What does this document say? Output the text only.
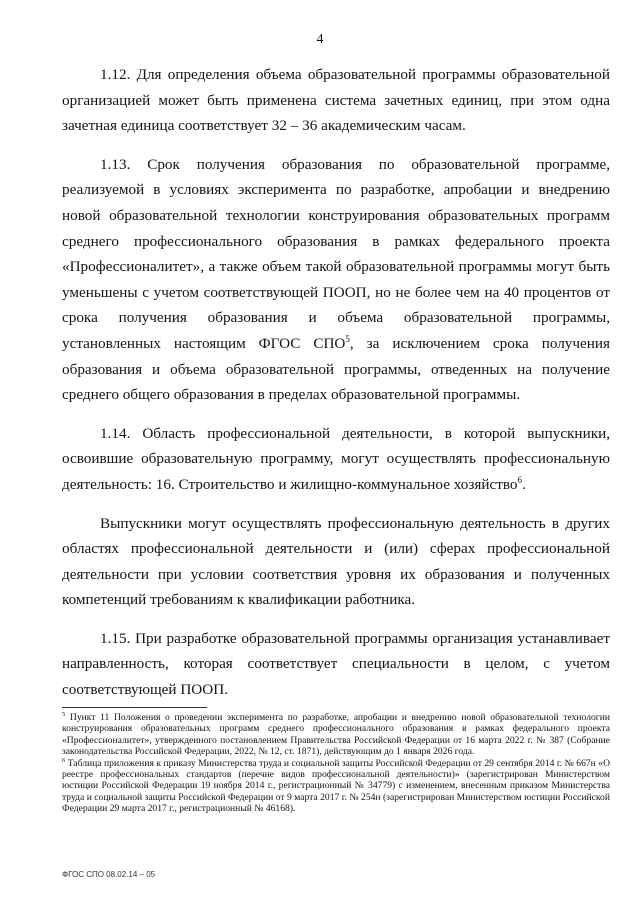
4

1.12. Для определения объема образовательной программы образовательной организацией может быть применена система зачетных единиц, при этом одна зачетная единица соответствует 32 – 36 академическим часам.

1.13. Срок получения образования по образовательной программе, реализуемой в условиях эксперимента по разработке, апробации и внедрению новой образовательной технологии конструирования образовательных программ среднего профессионального образования в рамках федерального проекта «Профессионалитет», а также объем такой образовательной программы могут быть уменьшены с учетом соответствующей ПООП, но не более чем на 40 процентов от срока получения образования и объема образовательной программы, установленных настоящим ФГОС СПО$^5$, за исключением срока получения образования и объема образовательной программы, отведенных на получение среднего общего образования в пределах образовательной программы.

1.14. Область профессиональной деятельности, в которой выпускники, освоившие образовательную программу, могут осуществлять профессиональную деятельность: 16. Строительство и жилищно-коммунальное хозяйство$^6$.

Выпускники могут осуществлять профессиональную деятельность в других областях профессиональной деятельности и (или) сферах профессиональной деятельности при условии соответствия уровня их образования и полученных компетенций требованиям к квалификации работника.

1.15. При разработке образовательной программы организация устанавливает направленность, которая соответствует специальности в целом, с учетом соответствующей ПООП.

$^5$ Пункт 11 Положения о проведении эксперимента по разработке, апробации и внедрению новой образовательной технологии конструирования образовательных программ среднего профессионального образования в рамках федерального проекта «Профессионалитет», утвержденного постановлением Правительства Российской Федерации от 16 марта 2022 г. № 387 (Собрание законодательства Российской Федерации, 2022, № 12, ст. 1871), действующим до 1 января 2026 года.

$^6$ Таблица приложения к приказу Министерства труда и социальной защиты Российской Федерации от 29 сентября 2014 г. № 667н «О реестре профессиональных стандартов (перечне видов профессиональной деятельности)» (зарегистрирован Министерством юстиции Российской Федерации 19 ноября 2014 г., регистрационный № 34779) с изменением, внесенным приказом Министерства труда и социальной защиты Российской Федерации от 9 марта 2017 г. № 254н (зарегистрирован Министерством юстиции Российской Федерации 29 марта 2017 г., регистрационный № 46168).

ФГОС СПО 08.02.14 – 05
